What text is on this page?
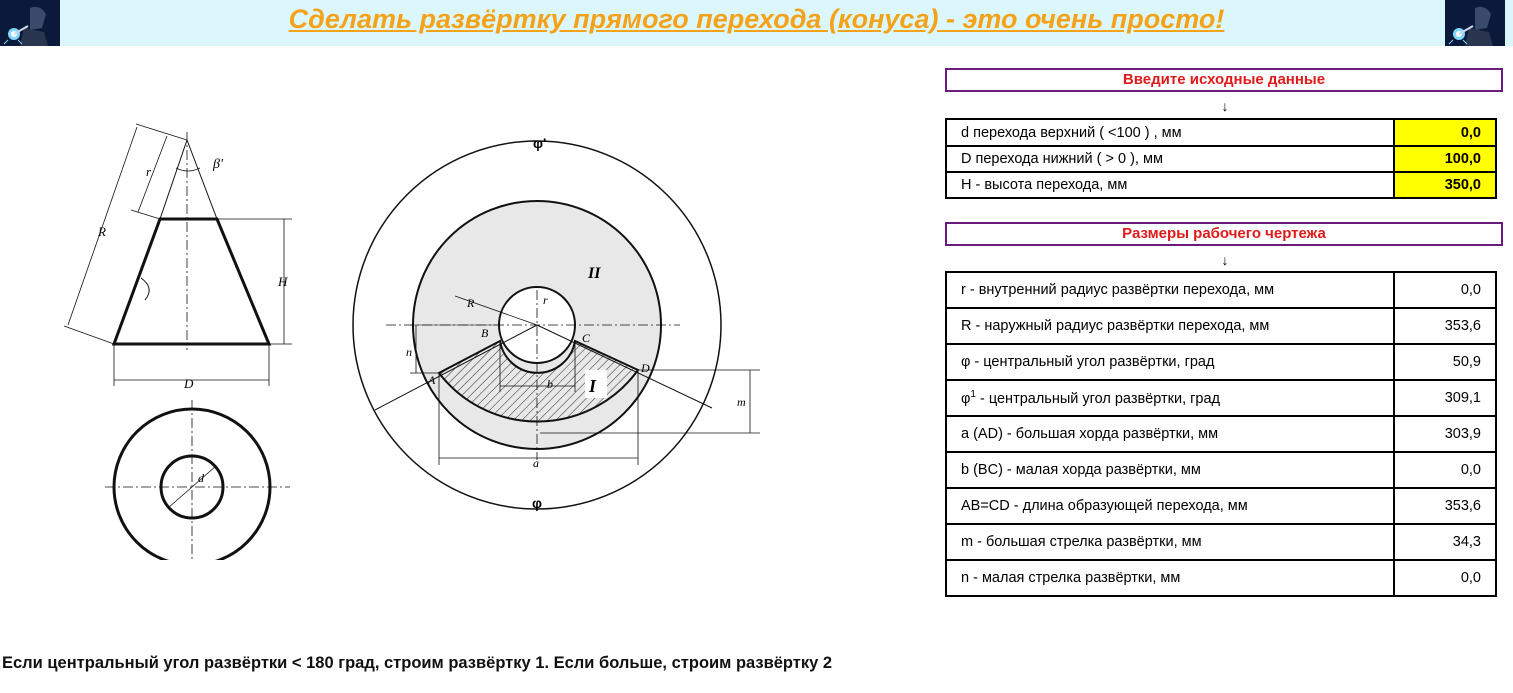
Сделать развёртку прямого перехода (конуса) - это очень просто!
β'
r
R
H
D
d
φ'
φ
II
I
R	r
A
B	C
D
a
b
m
n
Введите исходные данные
↓
d перехода верхний ( <100 ) , мм	0,0
D перехода нижний ( > 0 ), мм	100,0
H - высота перехода, мм	350,0
Размеры рабочего чертежа
↓
r - внутренний радиус развёртки перехода, мм	0,0
R - наружный радиус развёртки перехода, мм	353,6
φ - центральный угол развёртки, град	50,9
$\varphi^1$ - центральный угол развёртки, град	309,1
a (AD) - большая хорда развёртки, мм	303,9
b (BC) - малая хорда развёртки, мм	0,0
AB=CD - длина образующей перехода, мм	353,6
m - большая стрелка развёртки, мм	34,3
n - малая стрелка развёртки, мм	0,0
Если центральный угол развёртки < 180 град, строим развёртку 1. Если больше, строим развёртку 2
